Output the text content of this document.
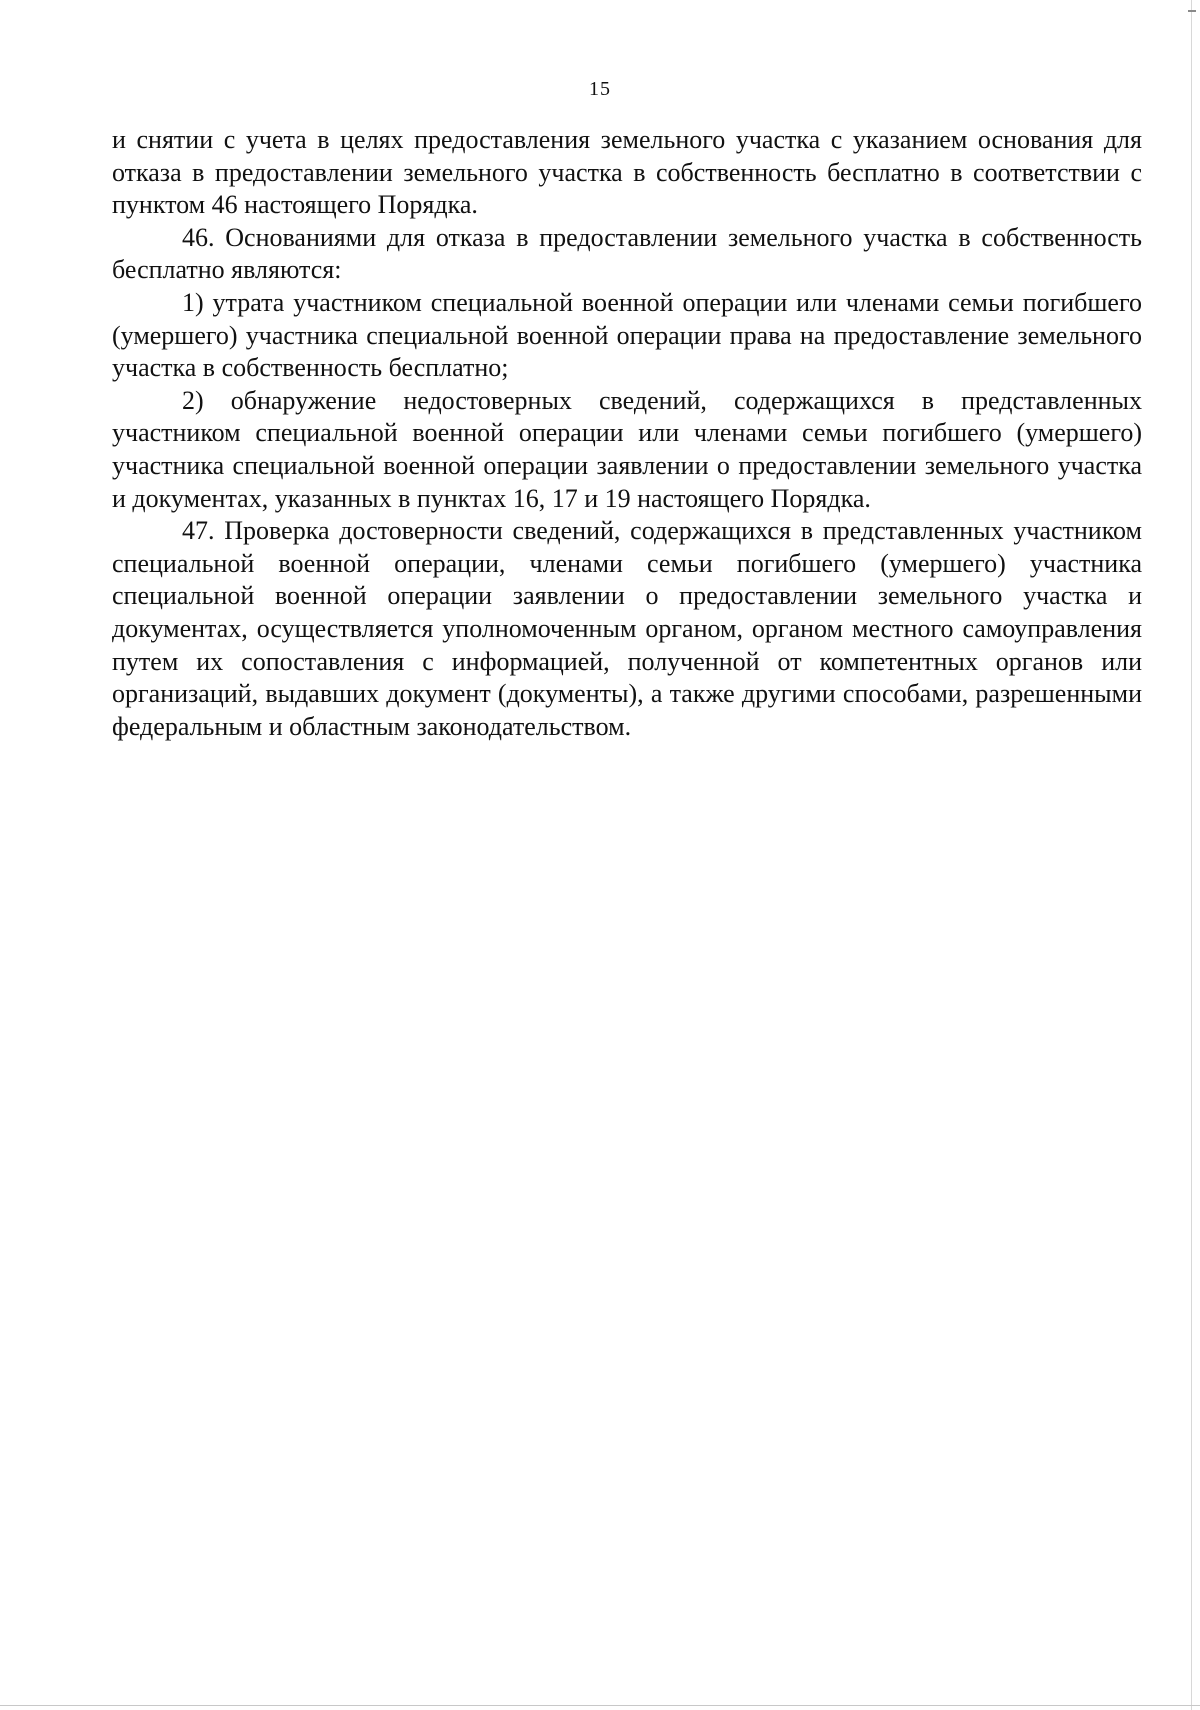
15

и снятии с учета в целях предоставления земельного участка с указанием основания для отказа в предоставлении земельного участка в собственность бесплатно в соответствии с пунктом 46 настоящего Порядка.

46. Основаниями для отказа в предоставлении земельного участка в собственность бесплатно являются:

1) утрата участником специальной военной операции или членами семьи погибшего (умершего) участника специальной военной операции права на предоставление земельного участка в собственность бесплатно;

2) обнаружение недостоверных сведений, содержащихся в представленных участником специальной военной операции или членами семьи погибшего (умершего) участника специальной военной операции заявлении о предоставлении земельного участка и документах, указанных в пунктах 16, 17 и 19 настоящего Порядка.

47. Проверка достоверности сведений, содержащихся в представленных участником специальной военной операции, членами семьи погибшего (умершего) участника специальной военной операции заявлении о предоставлении земельного участка и документах, осуществляется уполномоченным органом, органом местного самоуправления путем их сопоставления с информацией, полученной от компетентных органов или организаций, выдавших документ (документы), а также другими способами, разрешенными федеральным и областным законодательством.
